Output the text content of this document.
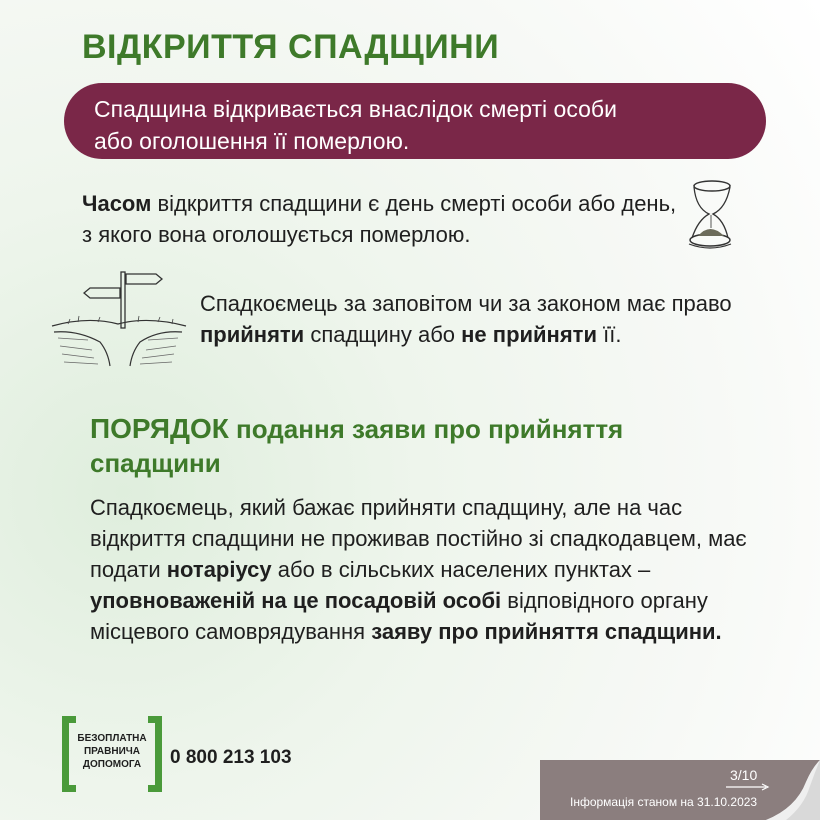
ВІДКРИТТЯ СПАДЩИНИ
Спадщина відкривається внаслідок смерті особи
або оголошення її померлою.

Часом відкриття спадщини є день смерті особи або день, з якого вона оголошується померлою.

Спадкоємець за заповітом чи за законом має право прийняти спадщину або не прийняти її.

ПОРЯДОК подання заяви про прийняття спадщини

Спадкоємець, який бажає прийняти спадщину, але на час відкриття спадщини не проживав постійно зі спадкодавцем, має подати нотаріусу або в сільських населених пунктах – уповноваженій на це посадовій особі відповідного органу місцевого самоврядування заяву про прийняття спадщини.

БЕЗОПЛАТНА
ПРАВНИЧА
ДОПОМОГА	0 800 213 103
3/10
Інформація станом на 31.10.2023
